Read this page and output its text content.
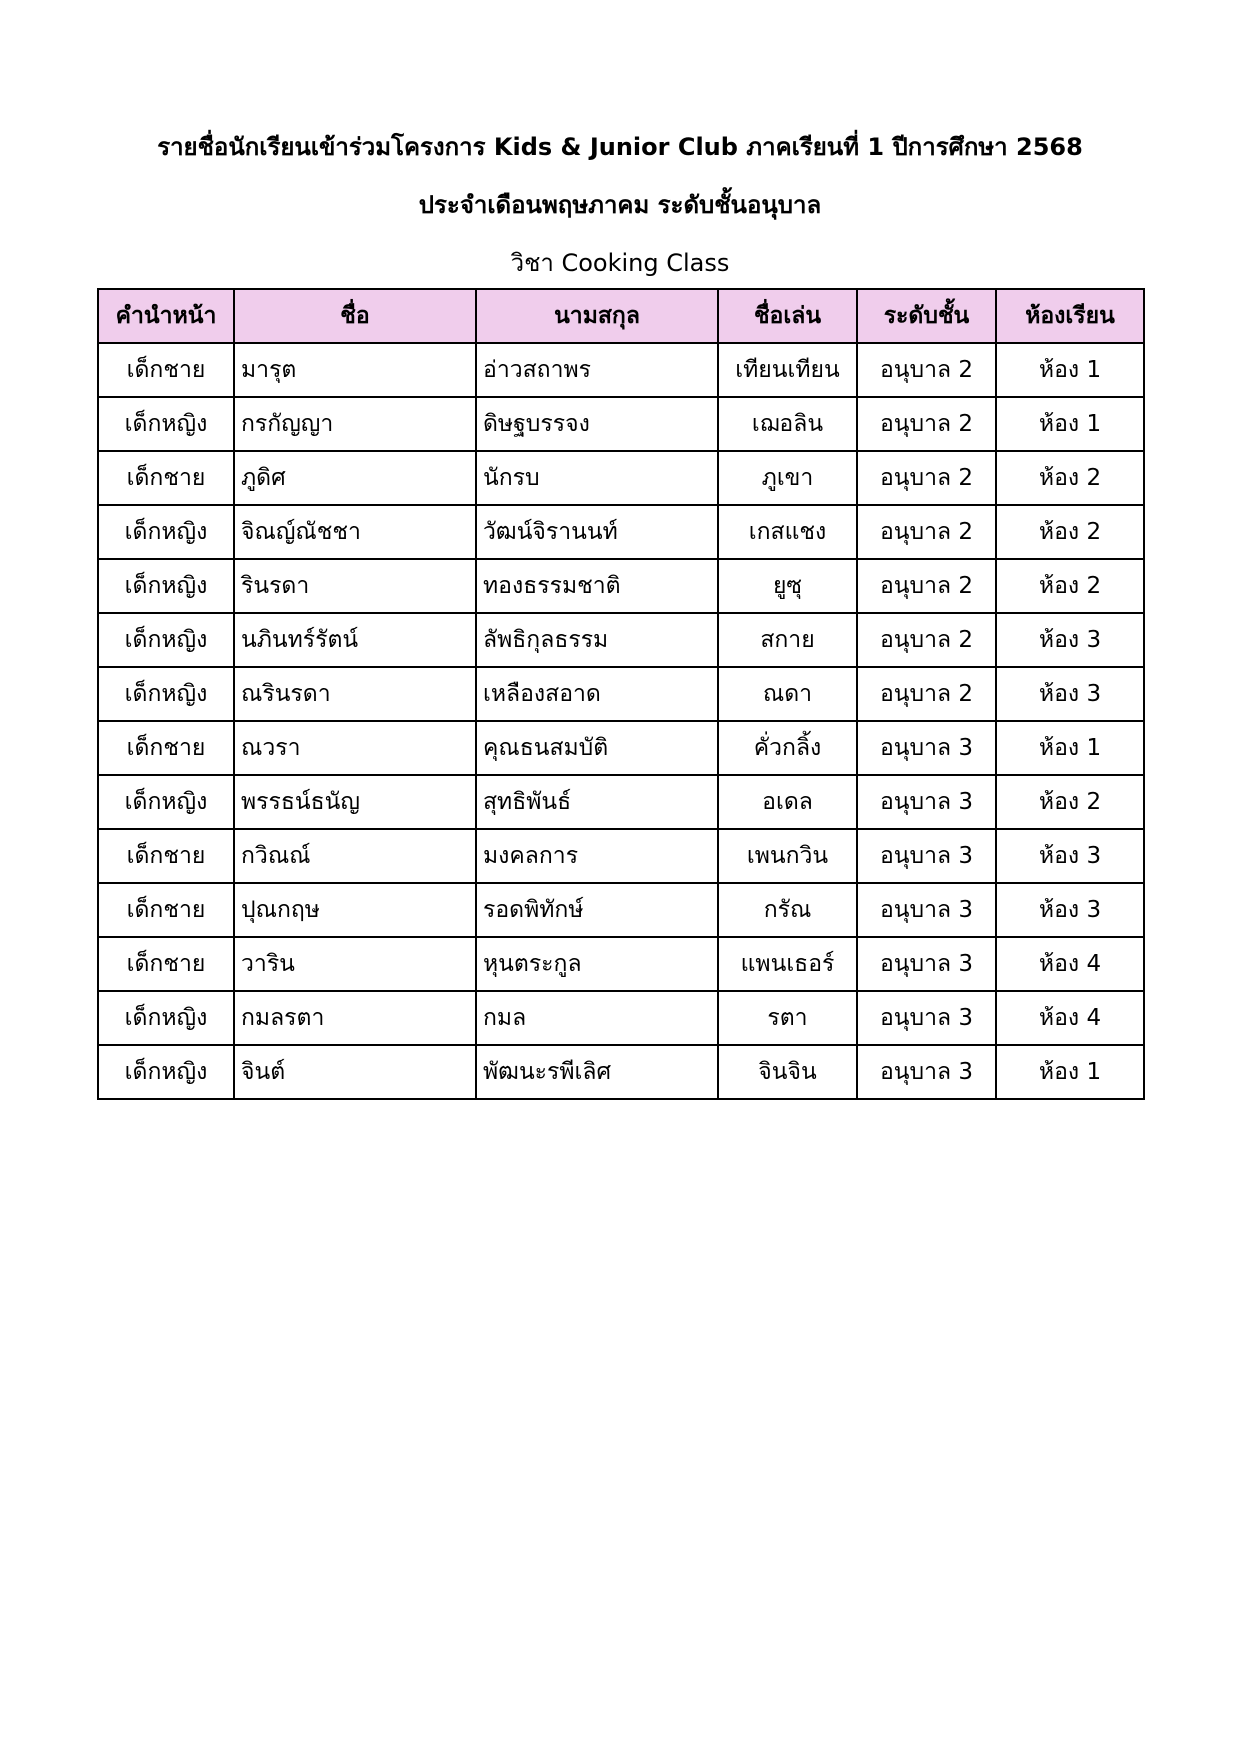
รายชื่อนักเรียนเข้าร่วมโครงการ Kids & Junior Club ภาคเรียนที่ 1 ปีการศึกษา 2568
ประจำเดือนพฤษภาคม ระดับชั้นอนุบาล
วิชา Cooking Class
คำนำหน้า	ชื่อ	นามสกุล	ชื่อเล่น	ระดับชั้น	ห้องเรียน
เด็กชาย	มารุต	อ่าวสถาพร	เทียนเทียน	อนุบาล 2	ห้อง 1
เด็กหญิง	กรกัญญา	ดิษฐบรรจง	เฌอลิน	อนุบาล 2	ห้อง 1
เด็กชาย	ภูดิศ	นักรบ	ภูเขา	อนุบาล 2	ห้อง 2
เด็กหญิง	จิณญ์ณัชชา	วัฒน์จิรานนท์	เกสแชง	อนุบาล 2	ห้อง 2
เด็กหญิง	รินรดา	ทองธรรมชาติ	ยูซุ	อนุบาล 2	ห้อง 2
เด็กหญิง	นภินทร์รัตน์	ลัพธิกุลธรรม	สกาย	อนุบาล 2	ห้อง 3
เด็กหญิง	ณรินรดา	เหลืองสอาด	ณดา	อนุบาล 2	ห้อง 3
เด็กชาย	ณวรา	คุณธนสมบัติ	คั่วกลิ้ง	อนุบาล 3	ห้อง 1
เด็กหญิง	พรรธน์ธนัญ	สุทธิพันธ์	อเดล	อนุบาล 3	ห้อง 2
เด็กชาย	กวิณณ์	มงคลการ	เพนกวิน	อนุบาล 3	ห้อง 3
เด็กชาย	ปุณกฤษ	รอดพิทักษ์	กรัณ	อนุบาล 3	ห้อง 3
เด็กชาย	วาริน	หุนตระกูล	แพนเธอร์	อนุบาล 3	ห้อง 4
เด็กหญิง	กมลรตา	กมล	รตา	อนุบาล 3	ห้อง 4
เด็กหญิง	จินต์	พัฒนะรพีเลิศ	จินจิน	อนุบาล 3	ห้อง 1
